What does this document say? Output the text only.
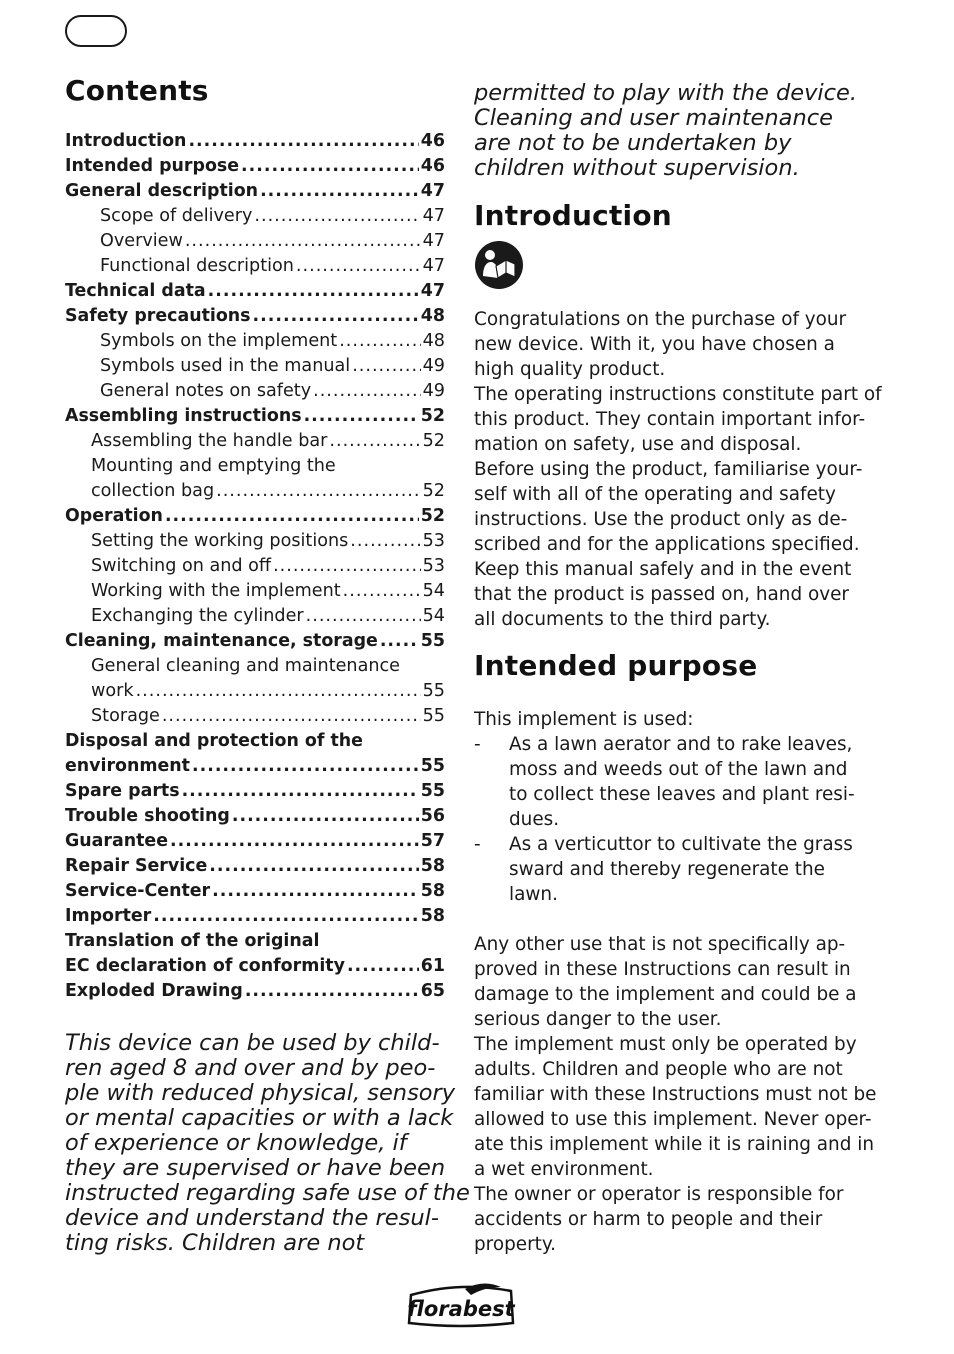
Contents
Introduction .....	46
Intended purpose .....	46
General description .....	47
Scope of delivery .....	47
Overview .....	47
Functional description .....	47
Technical data .....	47
Safety precautions .....	48
Symbols on the implement .....	48
Symbols used in the manual .....	49
General notes on safety .....	49
Assembling instructions .....	52
Assembling the handle bar .....	52
Mounting and emptying the
collection bag .....	52
Operation .....	52
Setting the working positions .....	53
Switching on and off .....	53
Working with the implement .....	54
Exchanging the cylinder .....	54
Cleaning, maintenance, storage ..... 55
General cleaning and maintenance
work .....	55
Storage .....	55
Disposal and protection of the
environment .....	55
Spare parts .....	55
Trouble shooting .....	56
Guarantee .....	57
Repair Service .....	58
Service-Center .....	58
Importer .....	58
Translation of the original
EC declaration of conformity .....	61
Exploded Drawing .....	65
This device can be used by child-
ren aged 8 and over and by peo-
ple with reduced physical, sensory
or mental capacities or with a lack
of experience or knowledge, if
they are supervised or have been
instructed regarding safe use of the
device and understand the resul-
ting risks. Children are not
permitted to play with the device.
Cleaning and user maintenance
are not to be undertaken by
children without supervision.
Introduction
Congratulations on the purchase of your
new device. With it, you have chosen a
high quality product.
The operating instructions constitute part of
this product. They contain important infor-
mation on safety, use and disposal.
Before using the product, familiarise your-
self with all of the operating and safety
instructions. Use the product only as de-
scribed and for the applications specified.
Keep this manual safely and in the event
that the product is passed on, hand over
all documents to the third party.
Intended purpose
This implement is used:
- As a lawn aerator and to rake leaves,
moss and weeds out of the lawn and
to collect these leaves and plant resi-
dues.
- As a verticuttor to cultivate the grass
sward and thereby regenerate the
lawn.
Any other use that is not specifically ap-
proved in these Instructions can result in
damage to the implement and could be a
serious danger to the user.
The implement must only be operated by
adults. Children and people who are not
familiar with these Instructions must not be
allowed to use this implement. Never oper-
ate this implement while it is raining and in
a wet environment.
The owner or operator is responsible for
accidents or harm to people and their
property.
florabest
